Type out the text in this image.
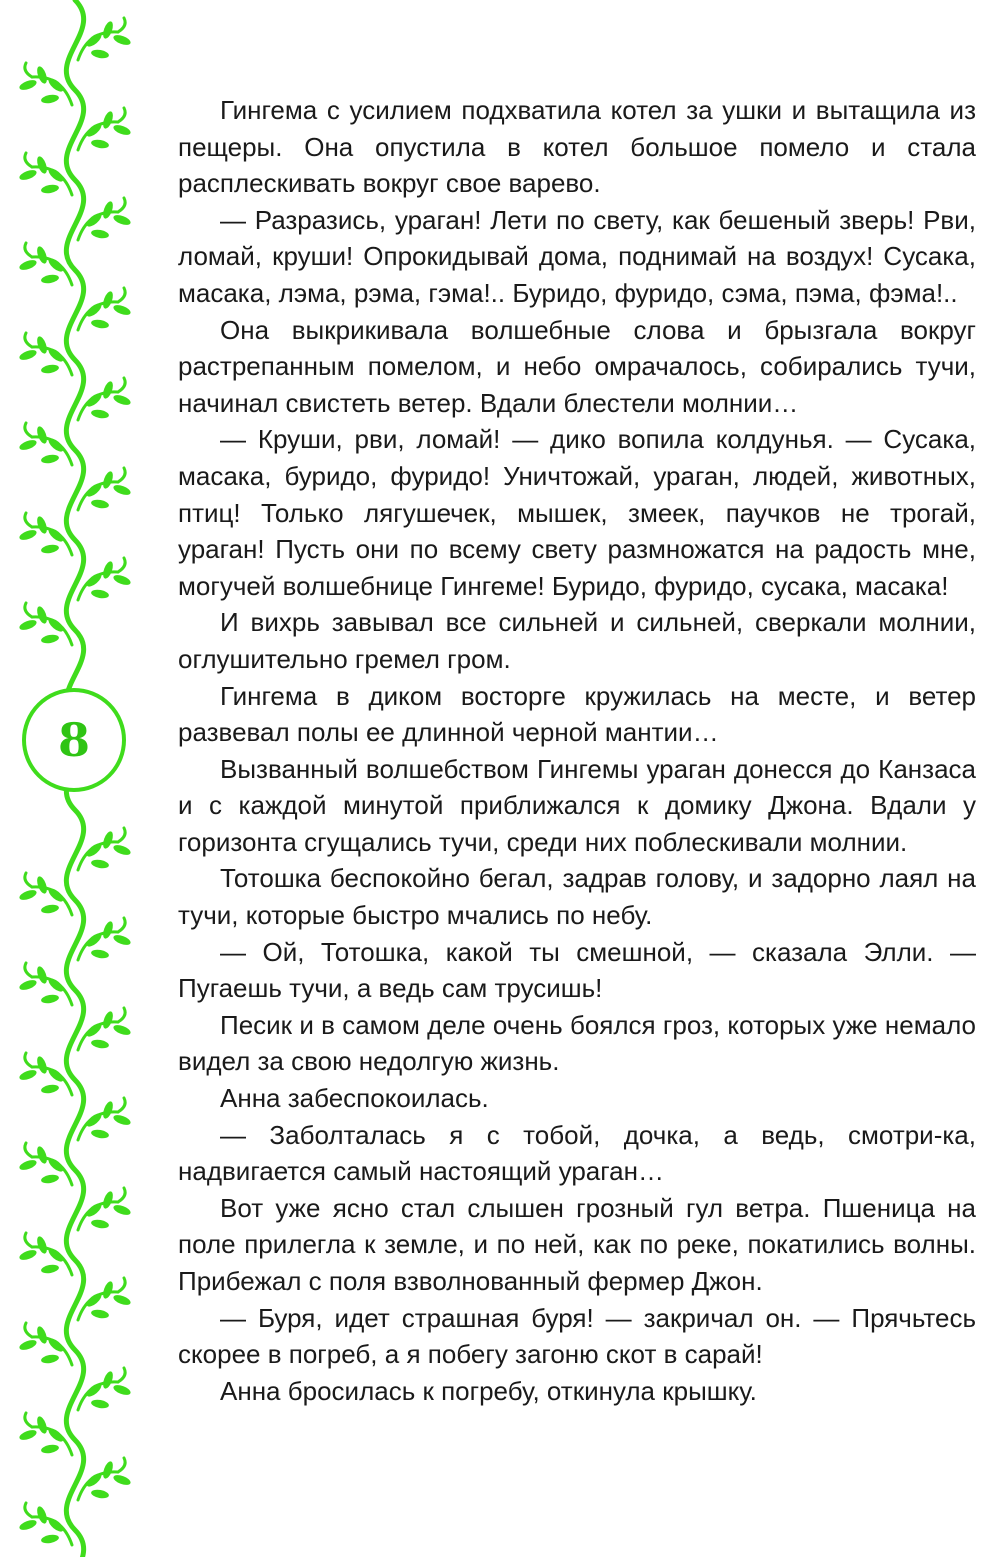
8

Гингема с усилием подхватила котел за ушки и вытащила из пещеры. Она опустила в котел большое помело и стала расплескивать вокруг свое варево.

— Разразись, ураган! Лети по свету, как бешеный зверь! Рви, ломай, круши! Опрокидывай дома, поднимай на воздух! Сусака, масака, лэма, рэма, гэма!.. Буридо, фуридо, сэма, пэма, фэма!..

Она выкрикивала волшебные слова и брызгала вокруг растрепанным помелом, и небо омрачалось, собирались тучи, начинал свистеть ветер. Вдали блестели молнии…

— Круши, рви, ломай! — дико вопила колдунья. — Сусака, масака, буридо, фуридо! Уничтожай, ураган, людей, животных, птиц! Только лягушечек, мышек, змеек, паучков не трогай, ураган! Пусть они по всему свету размножатся на радость мне, могучей волшебнице Гингеме! Буридо, фуридо, сусака, масака!

И вихрь завывал все сильней и сильней, сверкали молнии, оглушительно гремел гром.

Гингема в диком восторге кружилась на месте, и ветер развевал полы ее длинной черной мантии…

Вызванный волшебством Гингемы ураган донесся до Канзаса и с каждой минутой приближался к домику Джона. Вдали у горизонта сгущались тучи, среди них поблескивали молнии.

Тотошка беспокойно бегал, задрав голову, и задорно лаял на тучи, которые быстро мчались по небу.

— Ой, Тотошка, какой ты смешной, — сказала Элли. — Пугаешь тучи, а ведь сам трусишь!

Песик и в самом деле очень боялся гроз, которых уже немало видел за свою недолгую жизнь.

Анна забеспокоилась.

— Заболталась я с тобой, дочка, а ведь, смотри-ка, надвигается самый настоящий ураган…

Вот уже ясно стал слышен грозный гул ветра. Пшеница на поле прилегла к земле, и по ней, как по реке, покатились волны. Прибежал с поля взволнованный фермер Джон.

— Буря, идет страшная буря! — закричал он. — Прячьтесь скорее в погреб, а я побегу загоню скот в сарай!

Анна бросилась к погребу, откинула крышку.
